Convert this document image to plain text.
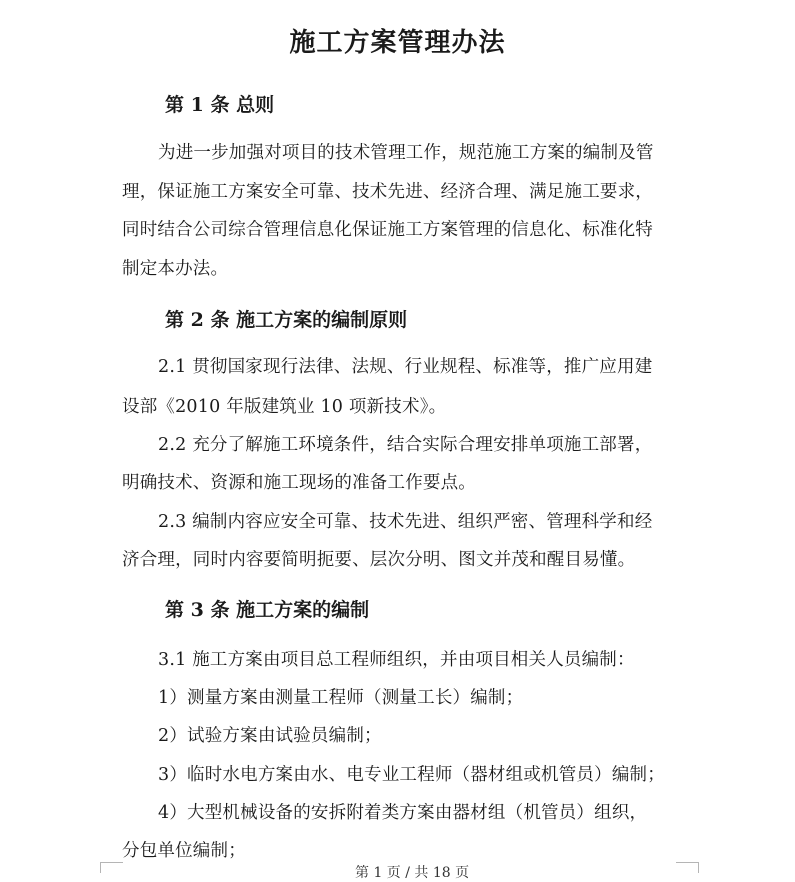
施工方案管理办法
第 1 条 总则
为进一步加强对项目的技术管理工作，规范施工方案的编制及管
理，保证施工方案安全可靠、技术先进、经济合理、满足施工要求，
同时结合公司综合管理信息化保证施工方案管理的信息化、标准化特
制定本办法。
第 2 条 施工方案的编制原则
2.1 贯彻国家现行法律、法规、行业规程、标准等，推广应用建
设部《2010 年版建筑业 10 项新技术》。
2.2 充分了解施工环境条件，结合实际合理安排单项施工部署，
明确技术、资源和施工现场的准备工作要点。
2.3 编制内容应安全可靠、技术先进、组织严密、管理科学和经
济合理，同时内容要简明扼要、层次分明、图文并茂和醒目易懂。
第 3 条 施工方案的编制
3.1 施工方案由项目总工程师组织，并由项目相关人员编制：
1）测量方案由测量工程师（测量工长）编制；
2）试验方案由试验员编制；
3）临时水电方案由水、电专业工程师（器材组或机管员）编制；
4）大型机械设备的安拆附着类方案由器材组（机管员）组织，
分包单位编制；
第 1 页 / 共 18 页
